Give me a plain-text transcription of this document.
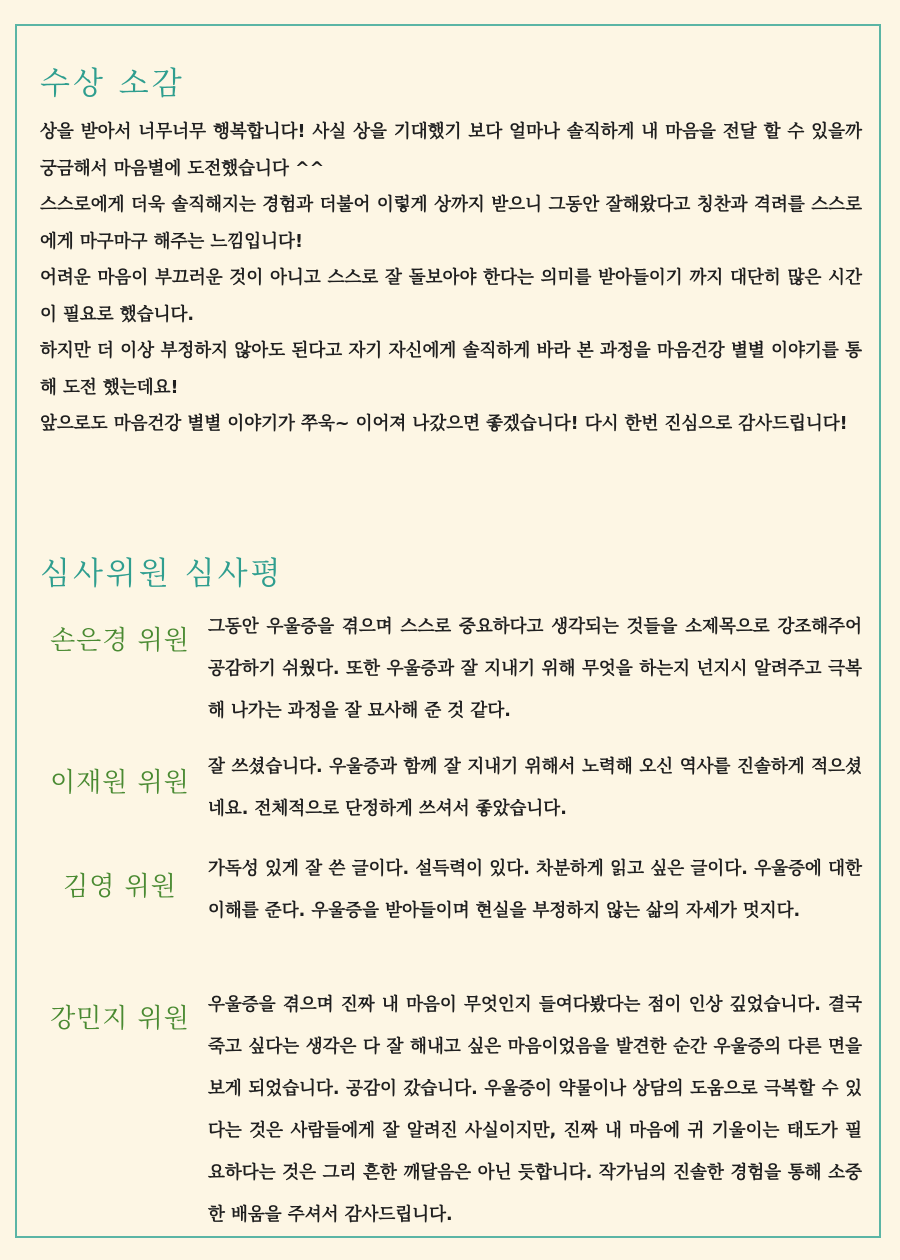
수상 소감

상을 받아서 너무너무 행복합니다! 사실 상을 기대했기 보다 얼마나 솔직하게 내 마음을 전달 할 수 있을까 궁금해서 마음별에 도전했습니다 ^^

스스로에게 더욱 솔직해지는 경험과 더불어 이렇게 상까지 받으니 그동안 잘해왔다고 칭찬과 격려를 스스로에게 마구마구 해주는 느낌입니다!

어려운 마음이 부끄러운 것이 아니고 스스로 잘 돌보아야 한다는 의미를 받아들이기 까지 대단히 많은 시간이 필요로 했습니다.

하지만 더 이상 부정하지 않아도 된다고 자기 자신에게 솔직하게 바라 본 과정을 마음건강 별별 이야기를 통해 도전 했는데요!

앞으로도 마음건강 별별 이야기가 쭈욱~ 이어져 나갔으면 좋겠습니다! 다시 한번 진심으로 감사드립니다!

심사위원 심사평
손은경 위원	그동안 우울증을 겪으며 스스로 중요하다고 생각되는 것들을 소제목으로 강조해주어 공감하기 쉬웠다. 또한 우울증과 잘 지내기 위해 무엇을 하는지 넌지시 알려주고 극복해 나가는 과정을 잘 묘사해 준 것 같다.

이재원 위원

잘 쓰셨습니다. 우울증과 함께 잘 지내기 위해서 노력해 오신 역사를 진솔하게 적으셨네요. 전체적으로 단정하게 쓰셔서 좋았습니다.

김영 위원

가독성 있게 잘 쓴 글이다. 설득력이 있다. 차분하게 읽고 싶은 글이다. 우울증에 대한 이해를 준다. 우울증을 받아들이며 현실을 부정하지 않는 삶의 자세가 멋지다.

강민지 위원	우울증을 겪으며 진짜 내 마음이 무엇인지 들여다봤다는 점이 인상 깊었습니다. 결국 죽고 싶다는 생각은 다 잘 해내고 싶은 마음이었음을 발견한 순간 우울증의 다른 면을 보게 되었습니다. 공감이 갔습니다. 우울증이 약물이나 상담의 도움으로 극복할 수 있다는 것은 사람들에게 잘 알려진 사실이지만, 진짜 내 마음에 귀 기울이는 태도가 필요하다는 것은 그리 흔한 깨달음은 아닌 듯합니다. 작가님의 진솔한 경험을 통해 소중한 배움을 주셔서 감사드립니다.
